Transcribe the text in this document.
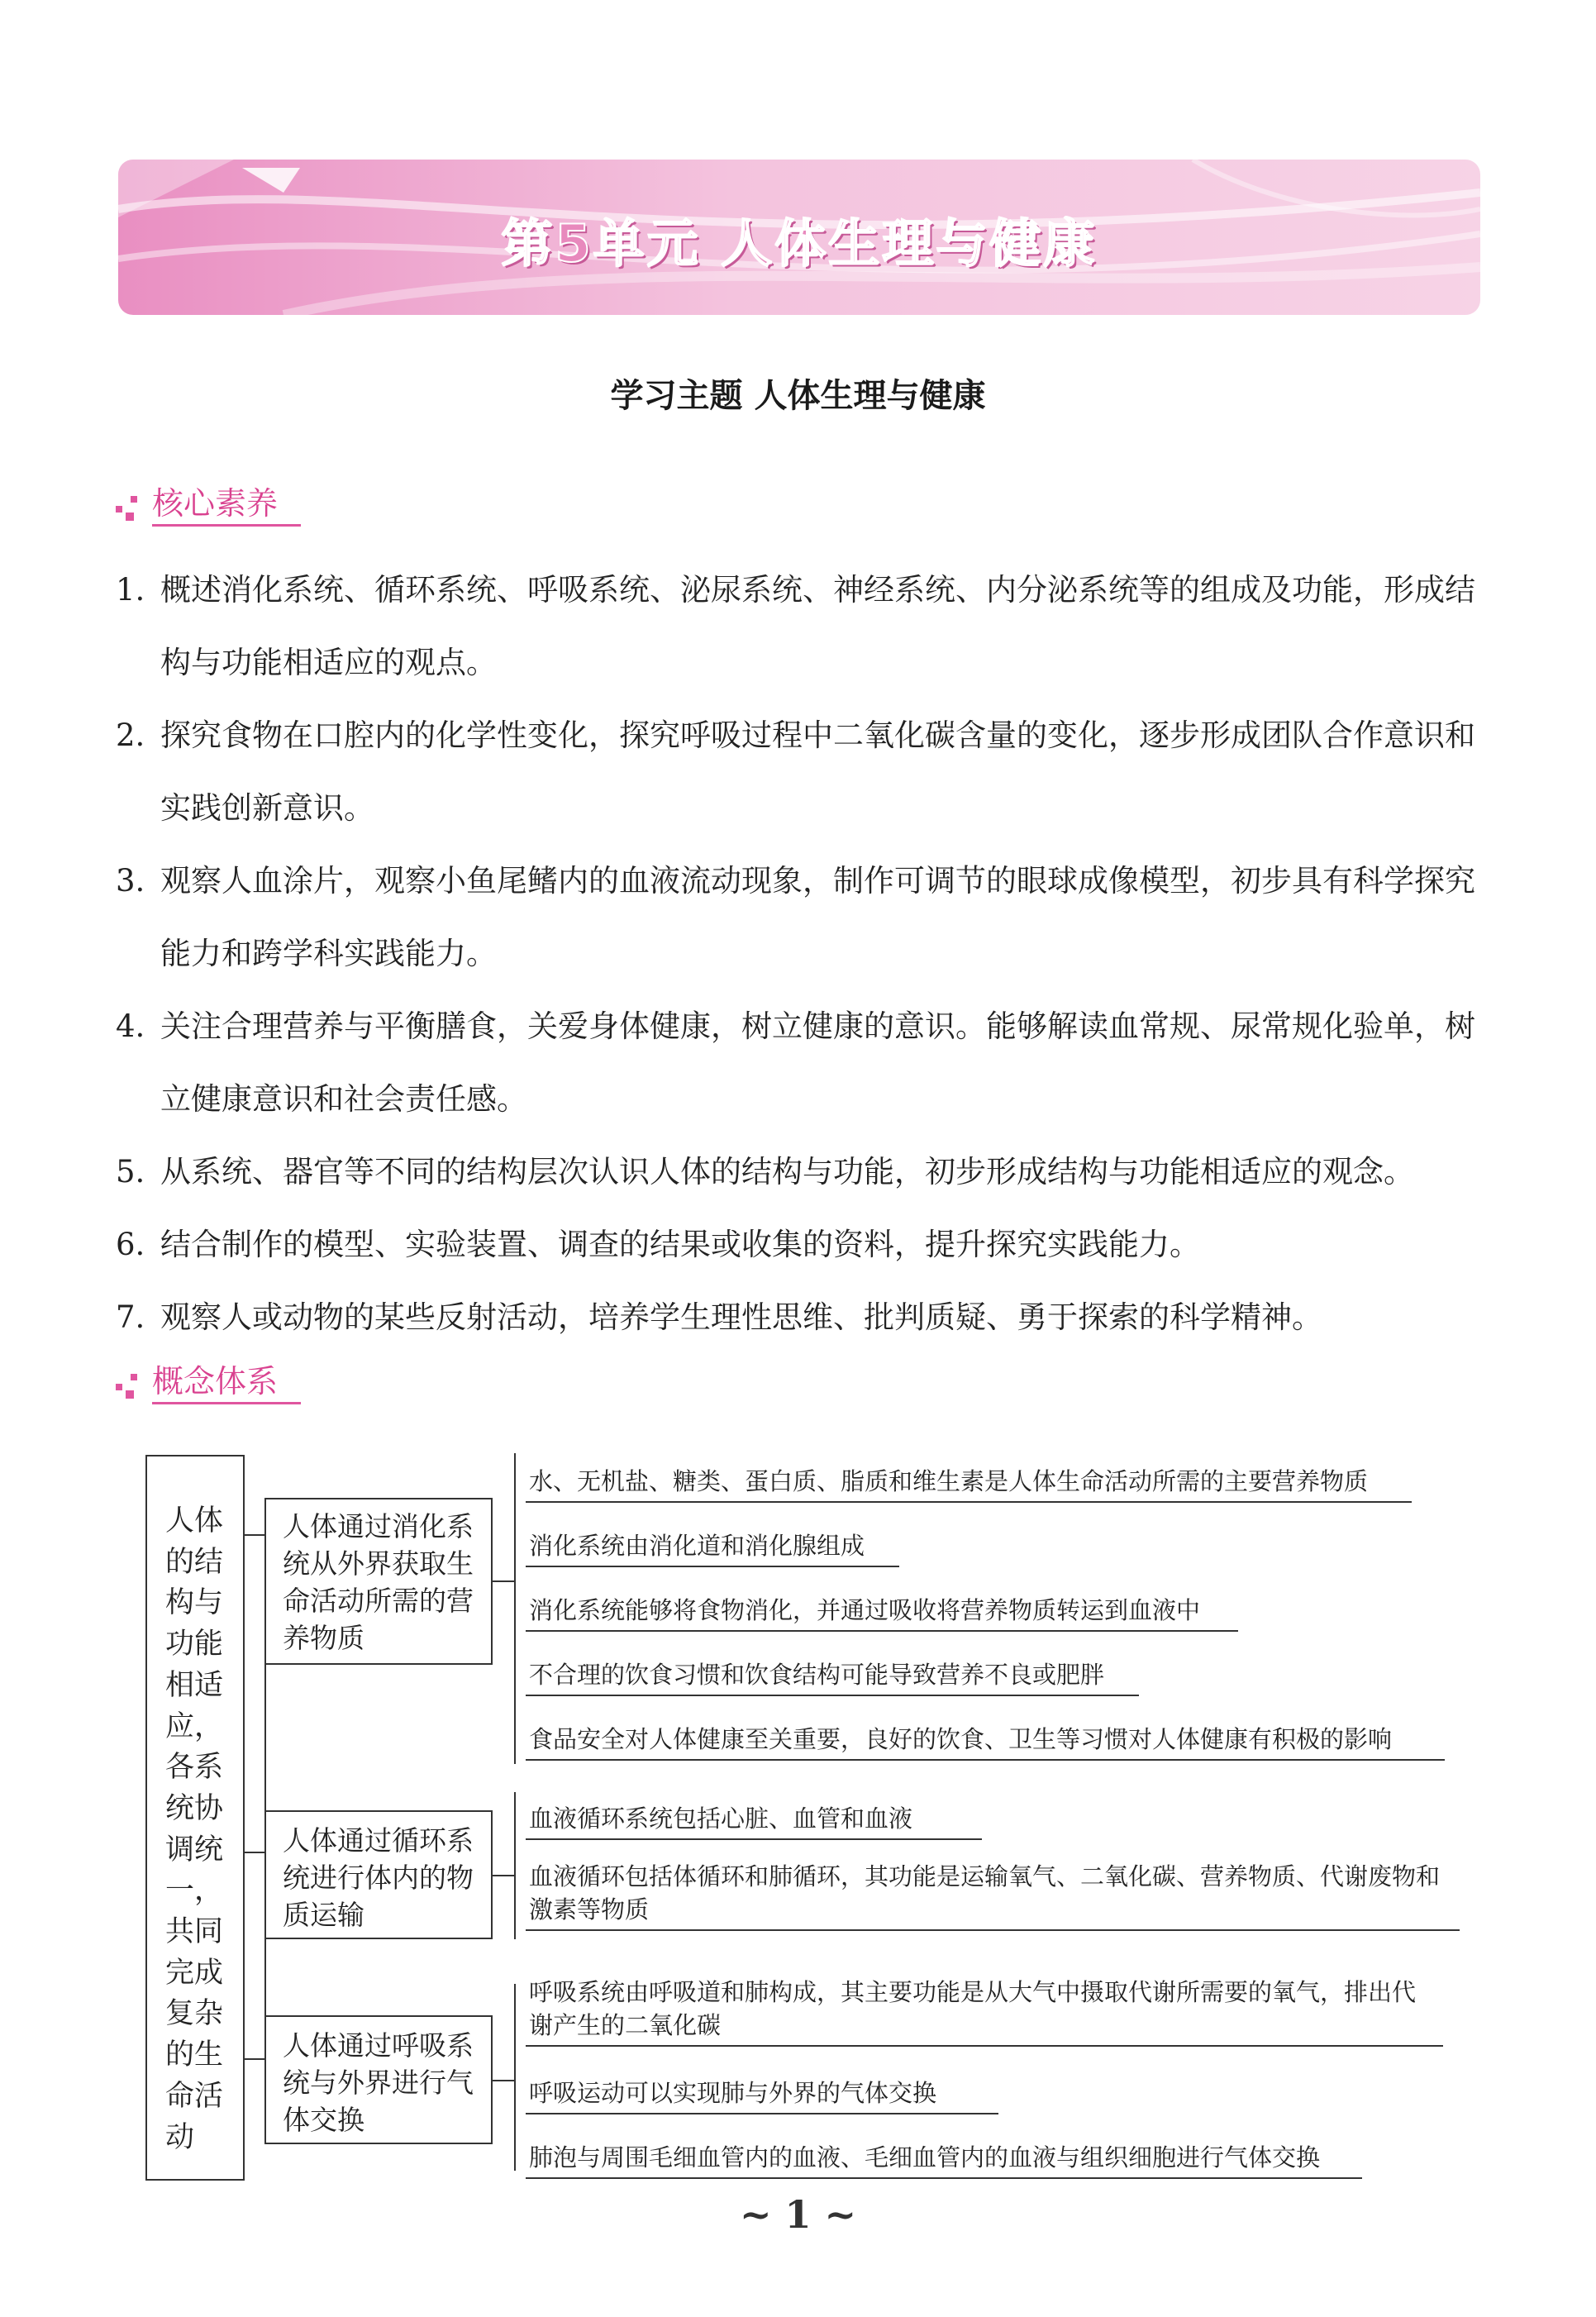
第5单元 人体生理与健康
学习主题 人体生理与健康
核心素养
1. 概述消化系统、循环系统、呼吸系统、泌尿系统、神经系统、内分泌系统等的组成及功能，形成结构与功能相适应的观点。
2. 探究食物在口腔内的化学性变化，探究呼吸过程中二氧化碳含量的变化，逐步形成团队合作意识和实践创新意识。
3. 观察人血涂片，观察小鱼尾鳍内的血液流动现象，制作可调节的眼球成像模型，初步具有科学探究能力和跨学科实践能力。
4. 关注合理营养与平衡膳食，关爱身体健康，树立健康的意识。能够解读血常规、尿常规化验单，树立健康意识和社会责任感。
5. 从系统、器官等不同的结构层次认识人体的结构与功能，初步形成结构与功能相适应的观念。
6. 结合制作的模型、实验装置、调查的结果或收集的资料，提升探究实践能力。
7. 观察人或动物的某些反射活动，培养学生理性思维、批判质疑、勇于探索的科学精神。
概念体系
人体的结构与功能相适应，各系统协调统一，共同完成复杂的生命活动
人体通过消化系统从外界获取生命活动所需的营养物质
人体通过循环系统进行体内的物质运输
人体通过呼吸系统与外界进行气体交换
水、无机盐、糖类、蛋白质、脂质和维生素是人体生命活动所需的主要营养物质
消化系统由消化道和消化腺组成
消化系统能够将食物消化，并通过吸收将营养物质转运到血液中
不合理的饮食习惯和饮食结构可能导致营养不良或肥胖
食品安全对人体健康至关重要，良好的饮食、卫生等习惯对人体健康有积极的影响
血液循环系统包括心脏、血管和血液
血液循环包括体循环和肺循环，其功能是运输氧气、二氧化碳、营养物质、代谢废物和激素等物质
呼吸系统由呼吸道和肺构成，其主要功能是从大气中摄取代谢所需要的氧气，排出代谢产生的二氧化碳
呼吸运动可以实现肺与外界的气体交换
肺泡与周围毛细血管内的血液、毛细血管内的血液与组织细胞进行气体交换
~ 1 ~
